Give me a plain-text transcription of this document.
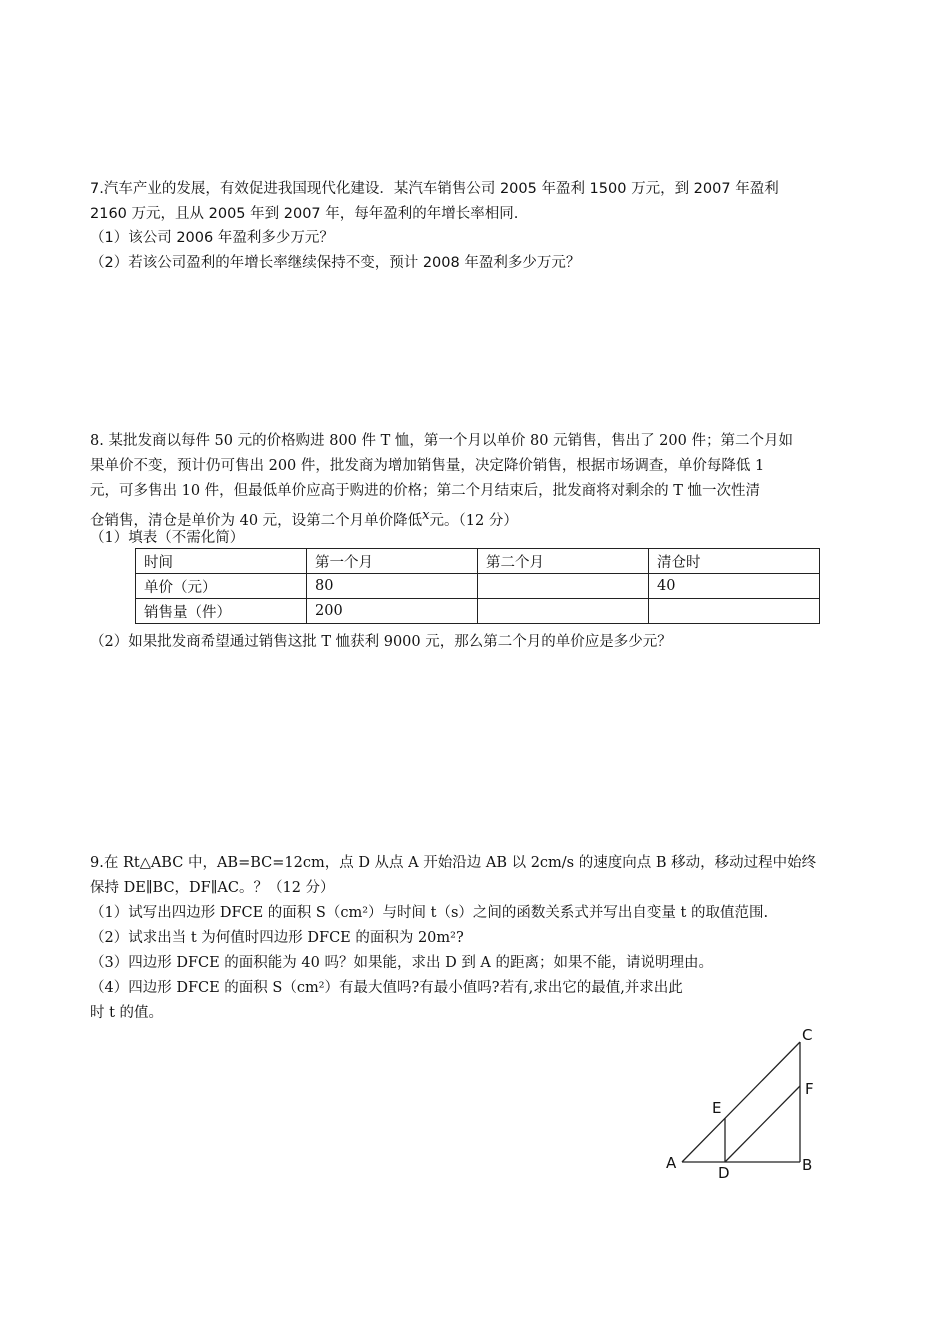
7.汽车产业的发展，有效促进我国现代化建设．某汽车销售公司 2005 年盈利 1500 万元，到 2007 年盈利
2160 万元，且从 2005 年到 2007 年，每年盈利的年增长率相同.
（1）该公司 2006 年盈利多少万元？
（2）若该公司盈利的年增长率继续保持不变，预计 2008 年盈利多少万元？
8. 某批发商以每件 50 元的价格购进 800 件 T 恤，第一个月以单价 80 元销售，售出了 200 件；第二个月如
果单价不变，预计仍可售出 200 件，批发商为增加销售量，决定降价销售，根据市场调查，单价每降低 1
元，可多售出 10 件，但最低单价应高于购进的价格；第二个月结束后，批发商将对剩余的 T 恤一次性清
仓销售，清仓是单价为 40 元，设第二个月单价降低$^x$元。（12 分）
（1）填表（不需化简）
时间	第一个月	第二个月	清仓时
单价（元）	80		40
销售量（件）	200		
（2）如果批发商希望通过销售这批 T 恤获利 9000 元，那么第二个月的单价应是多少元？
9.在 Rt△ABC 中，AB=BC=12cm，点 D 从点 A 开始沿边 AB 以 2cm/s 的速度向点 B 移动，移动过程中始终
保持 DE∥BC，DF∥AC。？（12 分）
（1）试写出四边形 DFCE 的面积 S（cm²）与时间 t（s）之间的函数关系式并写出自变量 t 的取值范围.
（2）试求出当 t 为何值时四边形 DFCE 的面积为 20m²?
（3）四边形 DFCE 的面积能为 40 吗？如果能，求出 D 到 A 的距离；如果不能，请说明理由。
（4）四边形 DFCE 的面积 S（cm²）有最大值吗?有最小值吗?若有,求出它的最值,并求出此
时 t 的值。
A	B
C
D
E
F
